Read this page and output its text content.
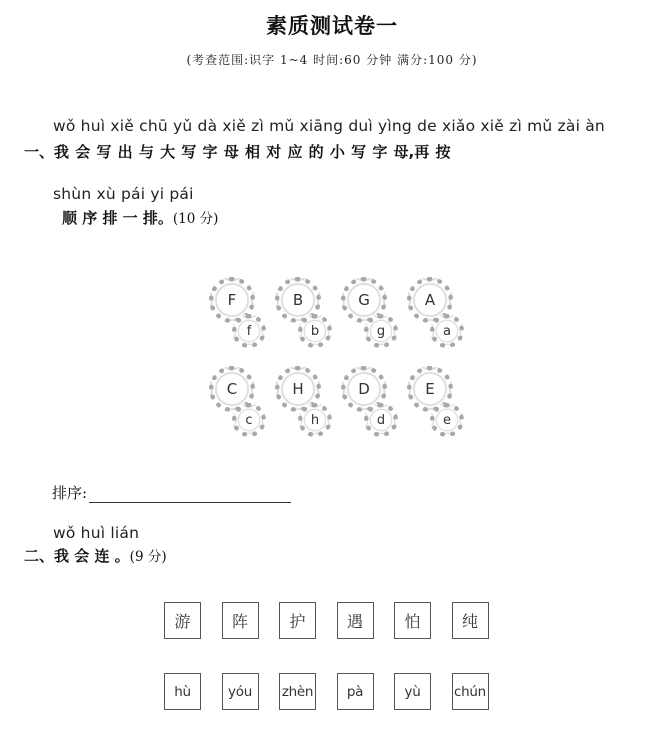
素质测试卷一
(考查范围:识字 1~4 时间:60 分钟 满分:100 分)
wǒ huì xiě chū yǔ dà xiě zì mǔ xiāng duì yìng de xiǎo xiě zì mǔ zài àn
一、我 会 写 出 与 大 写 字 母 相 对 应 的 小 写 字 母,再 按
shùn xù pái yi pái
顺 序 排 一 排。(10 分)
F
f
B
b
G
g
A
a
C
c
H
h
D
d
E
e
排序:
wǒ huì lián
二、我 会 连 。(9 分)
游	阵	护	遇	怕	纯
hù	yóu	zhèn	pà	yù	chún
